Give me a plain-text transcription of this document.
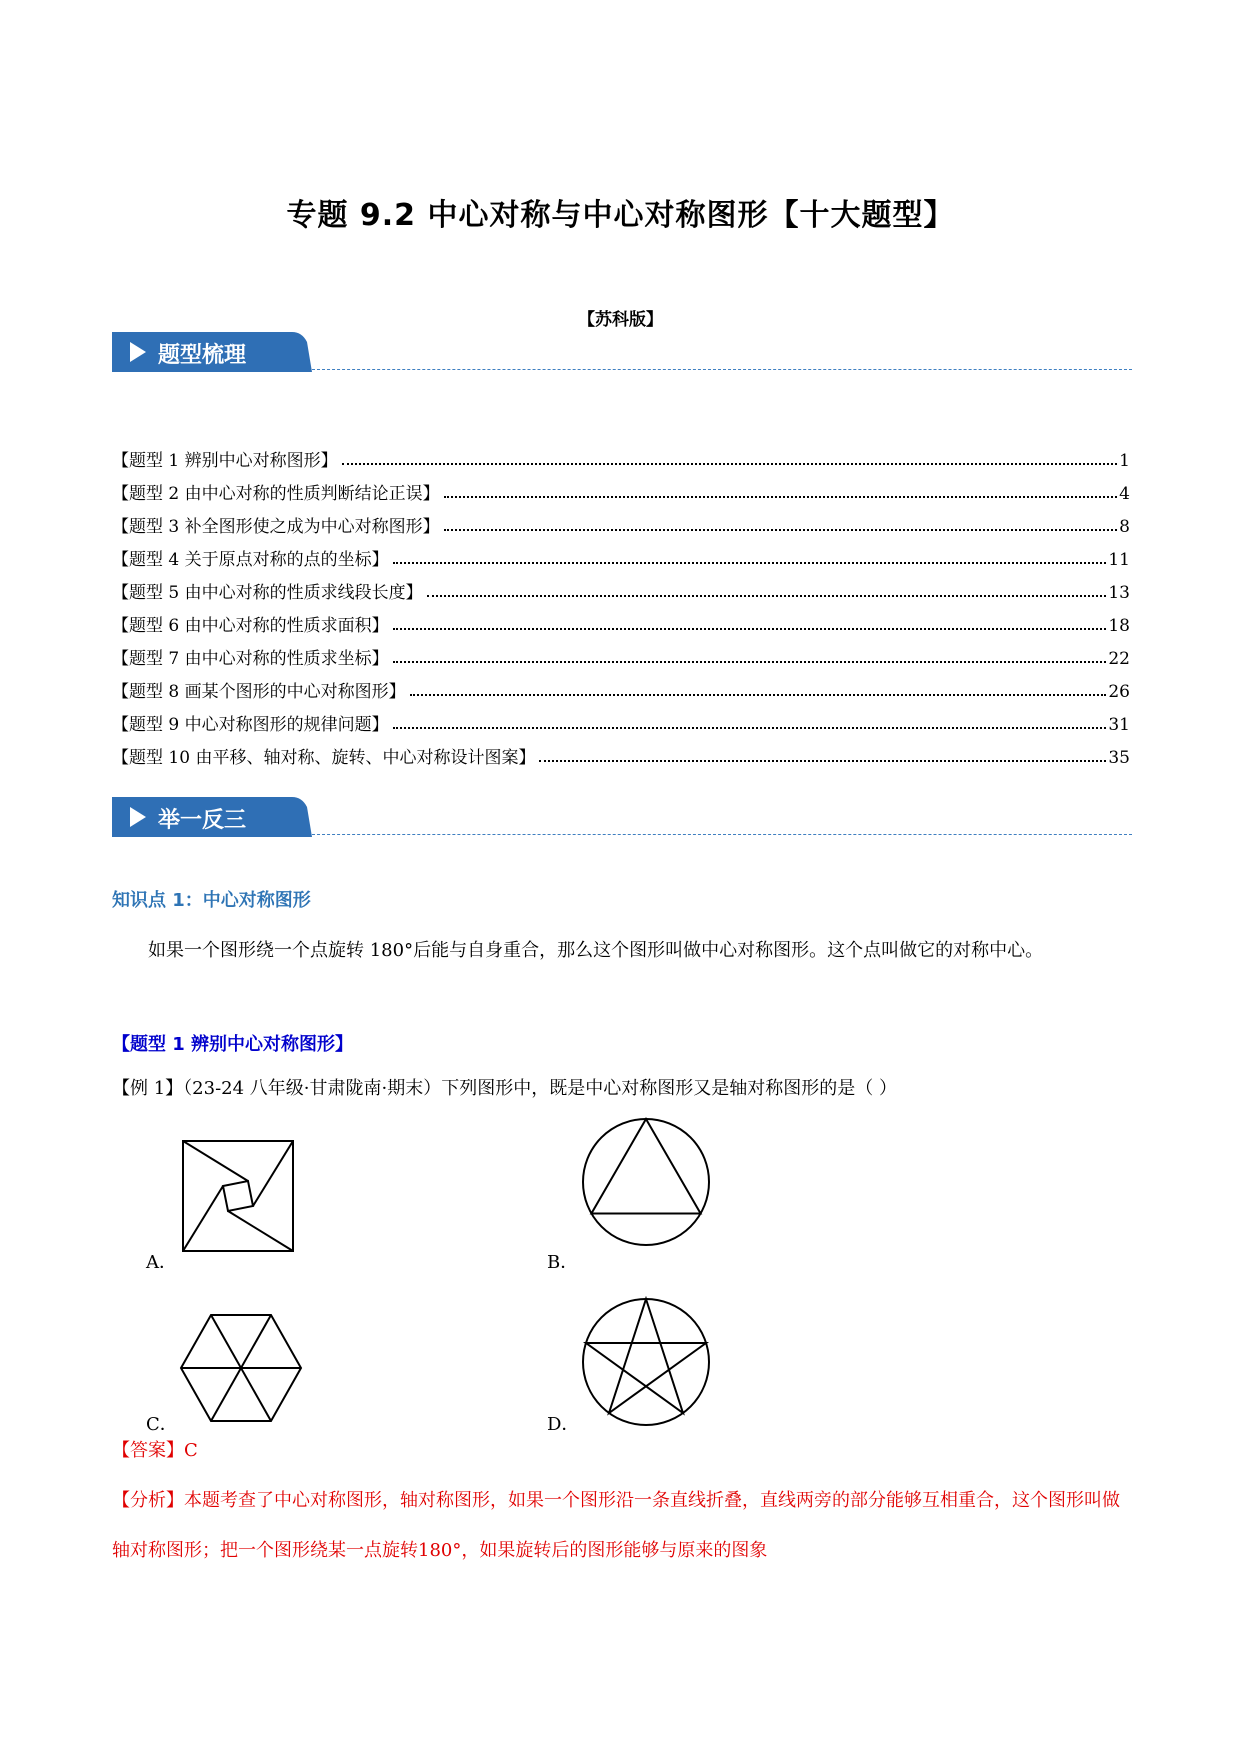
专题 9.2 中心对称与中心对称图形【十大题型】
【苏科版】
题型梳理
【题型 1 辨别中心对称图形】	1
【题型 2 由中心对称的性质判断结论正误】	4
【题型 3 补全图形使之成为中心对称图形】	8
【题型 4 关于原点对称的点的坐标】	11
【题型 5 由中心对称的性质求线段长度】	13
【题型 6 由中心对称的性质求面积】	18
【题型 7 由中心对称的性质求坐标】	22
【题型 8 画某个图形的中心对称图形】	26
【题型 9 中心对称图形的规律问题】	31
【题型 10 由平移、轴对称、旋转、中心对称设计图案】	35
举一反三
知识点 1：中心对称图形
如果一个图形绕一个点旋转 180°后能与自身重合，那么这个图形叫做中心对称图形。这个点叫做它的对称中心。
【题型 1 辨别中心对称图形】
【例 1】（23-24 八年级·甘肃陇南·期末）下列图形中，既是中心对称图形又是轴对称图形的是（ ）
A．	B．
C．	D．
【答案】C
【分析】本题考查了中心对称图形，轴对称图形，如果一个图形沿一条直线折叠，直线两旁的部分能够互相重合，这个图形叫做轴对称图形；把一个图形绕某一点旋转180°，如果旋转后的图形能够与原来的图象
